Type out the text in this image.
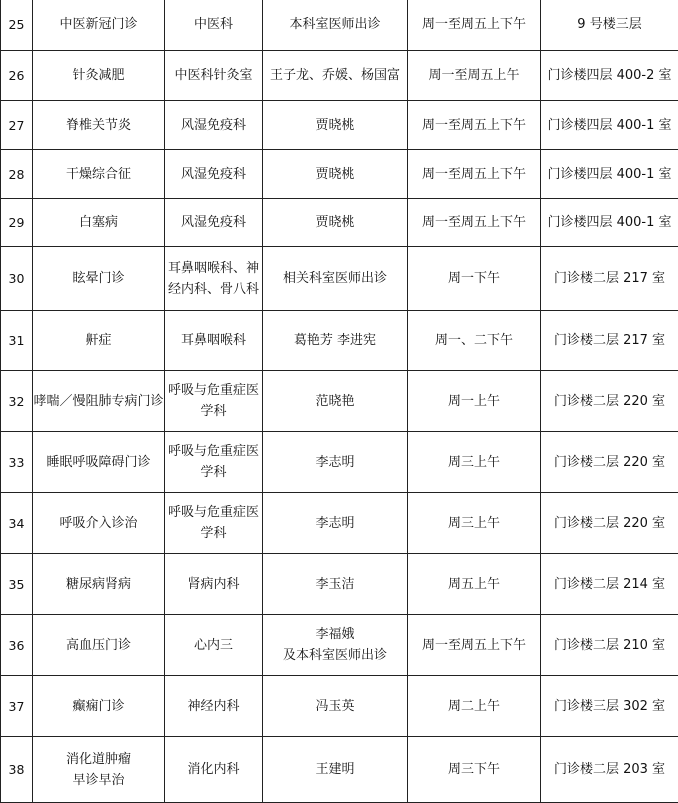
25	中医新冠门诊	中医科	本科室医师出诊	周一至周五上下午	9 号楼三层

26	针灸减肥	中医科针灸室	王子龙、乔媛、杨国富	周一至周五上午	门诊楼四层 400-2 室

27	脊椎关节炎	风湿免疫科	贾晓桃	周一至周五上下午	门诊楼四层 400-1 室

28	干燥综合征	风湿免疫科	贾晓桃	周一至周五上下午	门诊楼四层 400-1 室

29	白塞病	风湿免疫科	贾晓桃	周一至周五上下午	门诊楼四层 400-1 室

30	眩晕门诊	耳鼻咽喉科、神
经内科、骨八科	相关科室医师出诊	周一下午	门诊楼二层 217 室

31	鼾症	耳鼻咽喉科	葛艳芳 李进宪	周一、二下午	门诊楼二层 217 室

32	哮喘／慢阻肺专病门诊	呼吸与危重症医
学科	范晓艳	周一上午	门诊楼二层 220 室

33	睡眠呼吸障碍门诊	呼吸与危重症医
学科	李志明	周三上午	门诊楼二层 220 室

34	呼吸介入诊治	呼吸与危重症医
学科	李志明	周三上午	门诊楼二层 220 室

35	糖尿病肾病	肾病内科	李玉洁	周五上午	门诊楼二层 214 室

36	高血压门诊	心内三	李福娥
及本科室医师出诊	周一至周五上下午	门诊楼二层 210 室

37	癫痫门诊	神经内科	冯玉英	周二上午	门诊楼三层 302 室

38	消化道肿瘤
早诊早治	消化内科	王建明	周三下午	门诊楼二层 203 室
